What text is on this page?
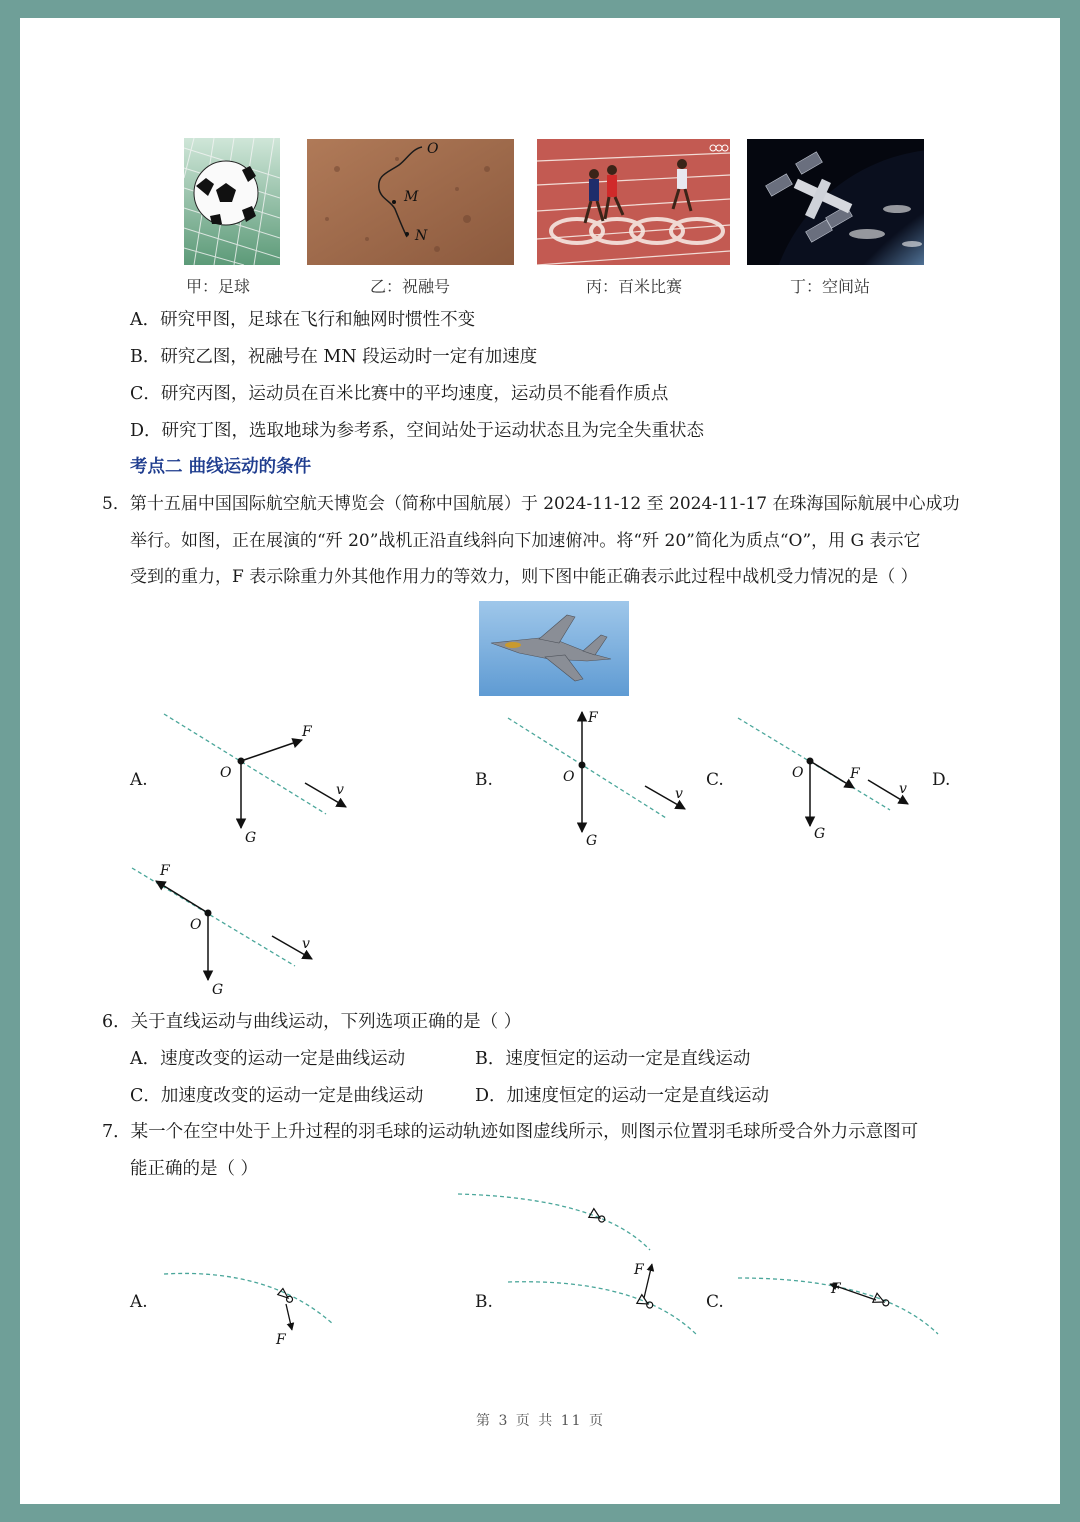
O
M
N
甲：足球	乙：祝融号	丙：百米比赛	丁：空间站
A．研究甲图，足球在飞行和触网时惯性不变
B．研究乙图，祝融号在 MN 段运动时一定有加速度
C．研究丙图，运动员在百米比赛中的平均速度，运动员不能看作质点
D．研究丁图，选取地球为参考系，空间站处于运动状态且为完全失重状态
考点二 曲线运动的条件
5．第十五届中国国际航空航天博览会（简称中国航展）于 2024-11-12 至 2024-11-17 在珠海国际航展中心成功
举行。如图，正在展演的“歼 20”战机正沿直线斜向下加速俯冲。将“歼 20”简化为质点“O”，用 G 表示它
受到的重力，F 表示除重力外其他作用力的等效力，则下图中能正确表示此过程中战机受力情况的是（ ）
A.	B.	C.	D.
O
F
G
v
O
F
G
v
O	F
G
v
O
F
G
v
6．关于直线运动与曲线运动，下列选项正确的是（ ）
A．速度改变的运动一定是曲线运动	B．速度恒定的运动一定是直线运动
C．加速度改变的运动一定是曲线运动	D．加速度恒定的运动一定是直线运动
7．某一个在空中处于上升过程的羽毛球的运动轨迹如图虚线所示，则图示位置羽毛球所受合外力示意图可
能正确的是（ ）
A.	B.	C.
F
F
F
第 3 页 共 11 页
